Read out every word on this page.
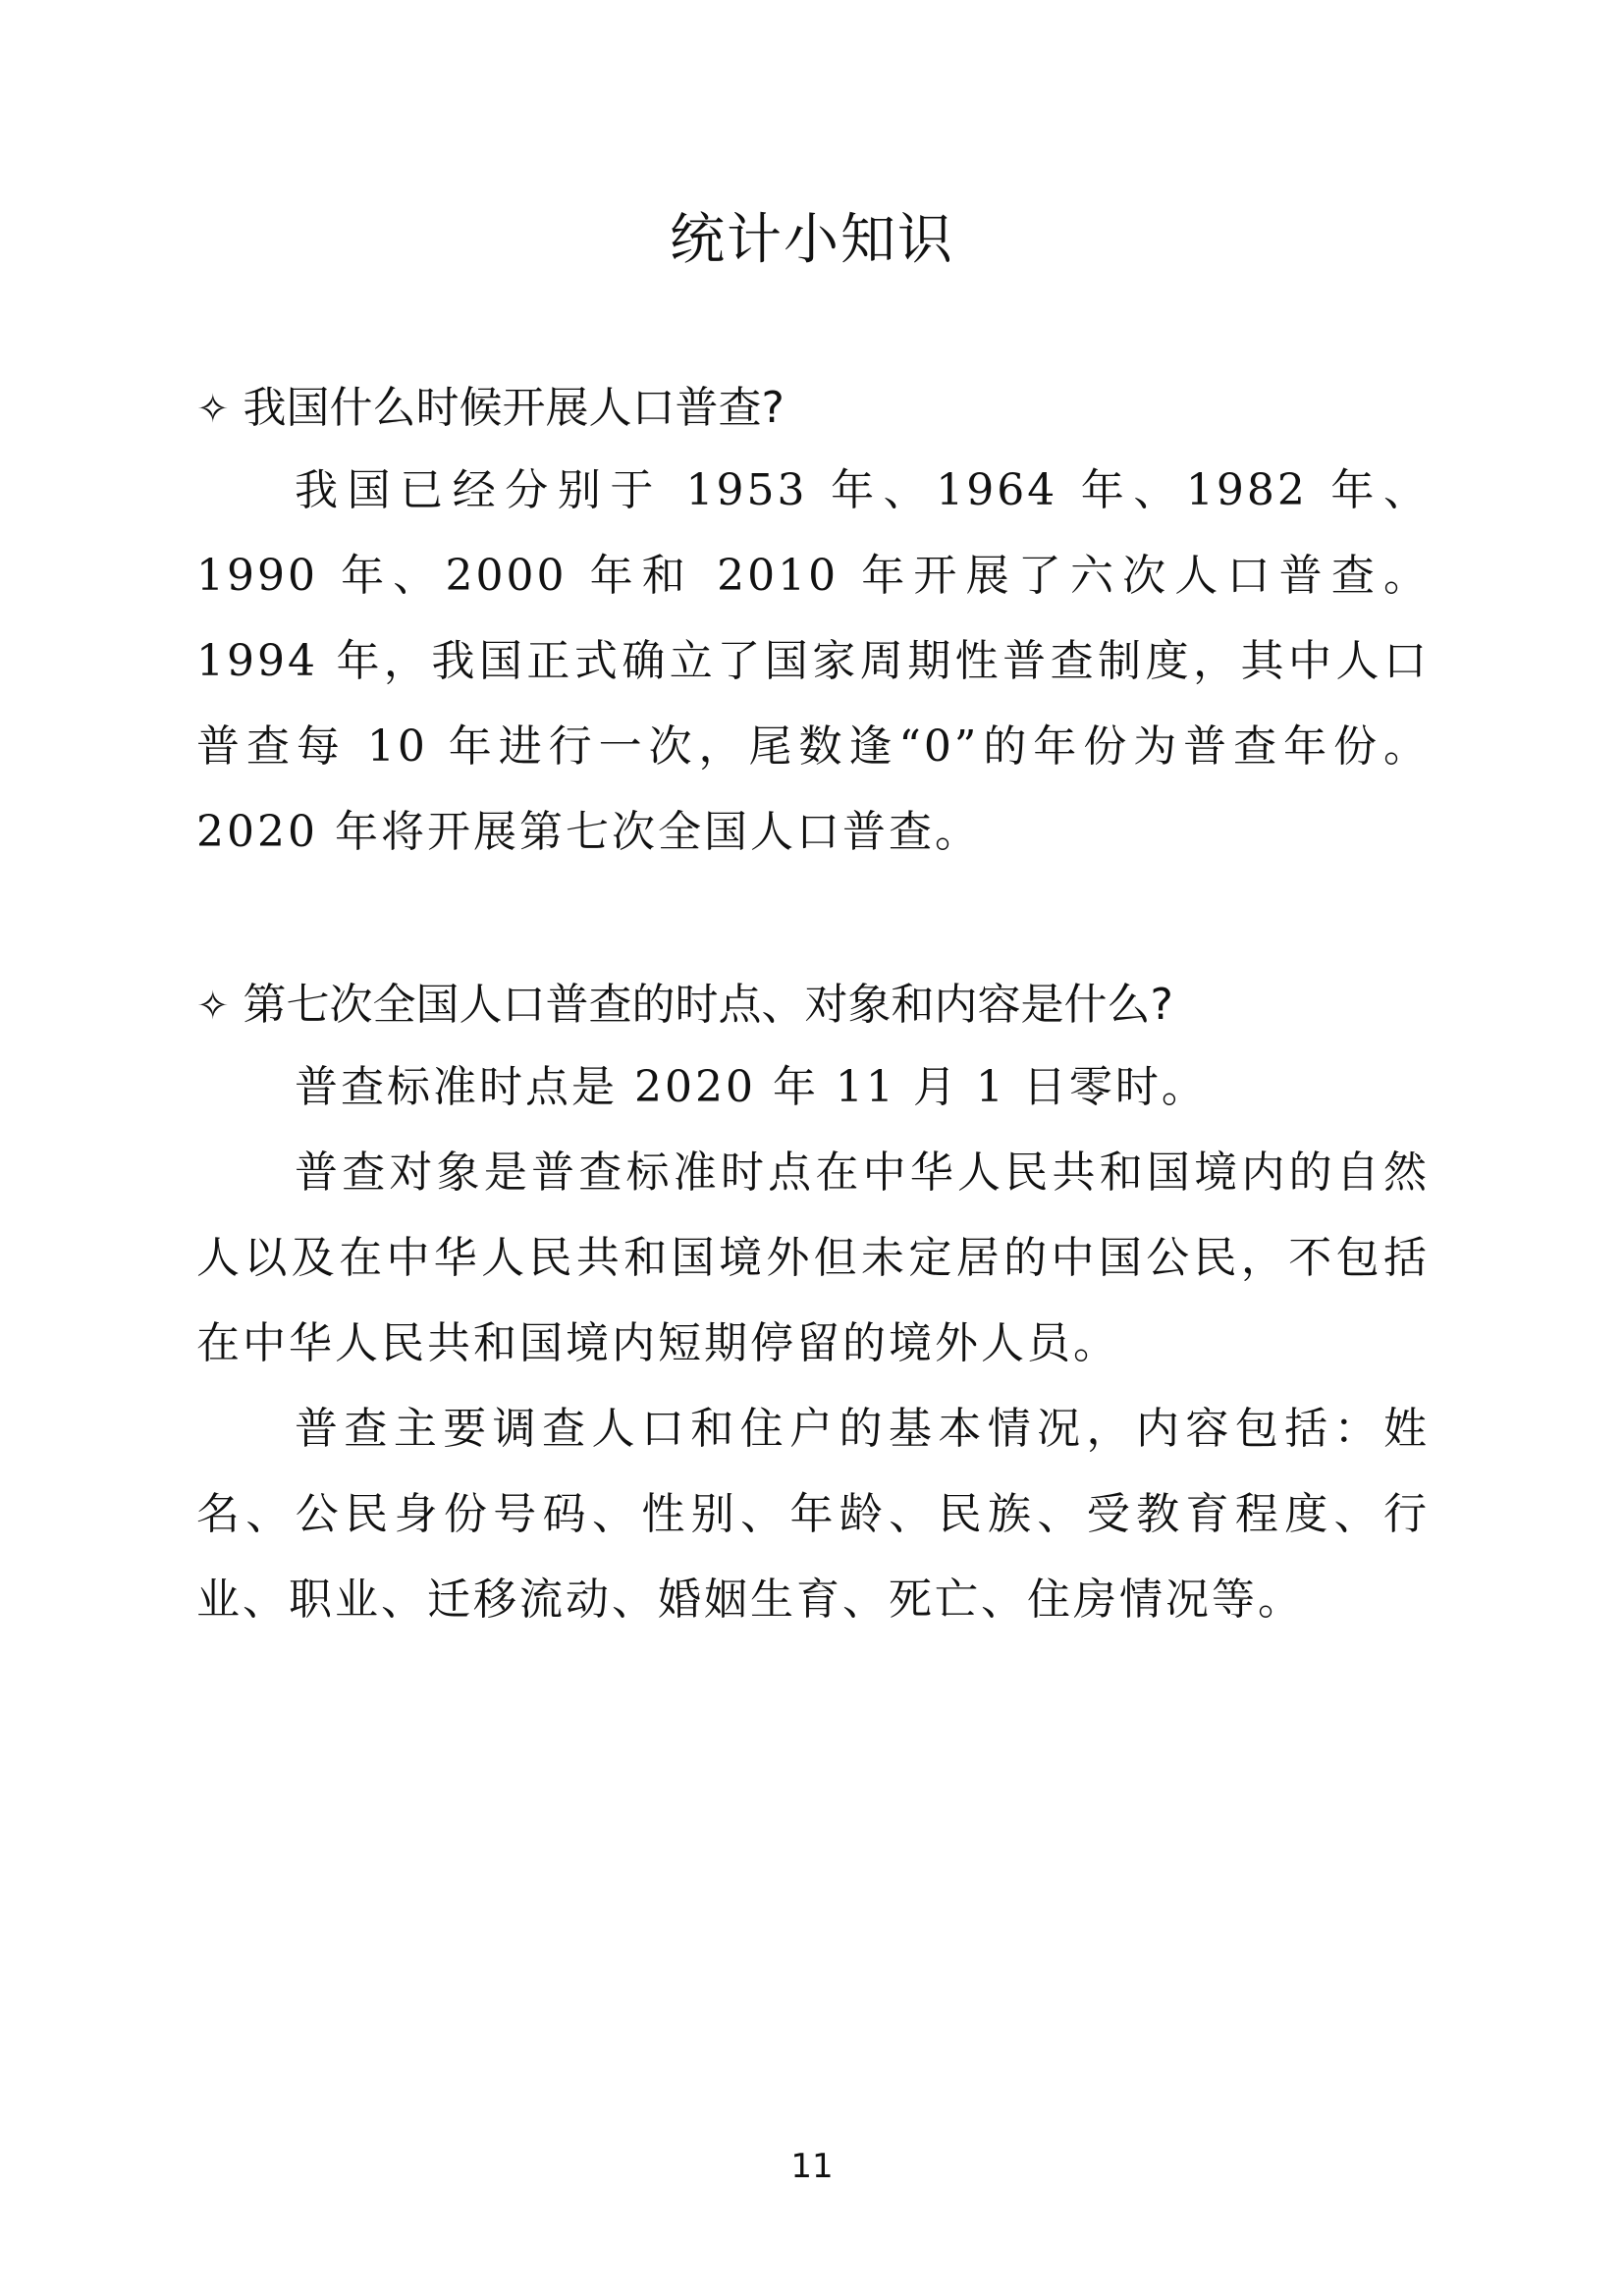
统计小知识
✧ 我国什么时候开展人口普查?

我国已经分别于 1953 年、1964 年、1982 年、1990 年、2000 年和 2010 年开展了六次人口普查。1994 年，我国正式确立了国家周期性普查制度，其中人口普查每 10 年进行一次，尾数逢“0”的年份为普查年份。2020 年将开展第七次全国人口普查。

✧ 第七次全国人口普查的时点、对象和内容是什么?

普查标准时点是 2020 年 11 月 1 日零时。

普查对象是普查标准时点在中华人民共和国境内的自然人以及在中华人民共和国境外但未定居的中国公民，不包括在中华人民共和国境内短期停留的境外人员。

普查主要调查人口和住户的基本情况，内容包括：姓名、公民身份号码、性别、年龄、民族、受教育程度、行业、职业、迁移流动、婚姻生育、死亡、住房情况等。

11
